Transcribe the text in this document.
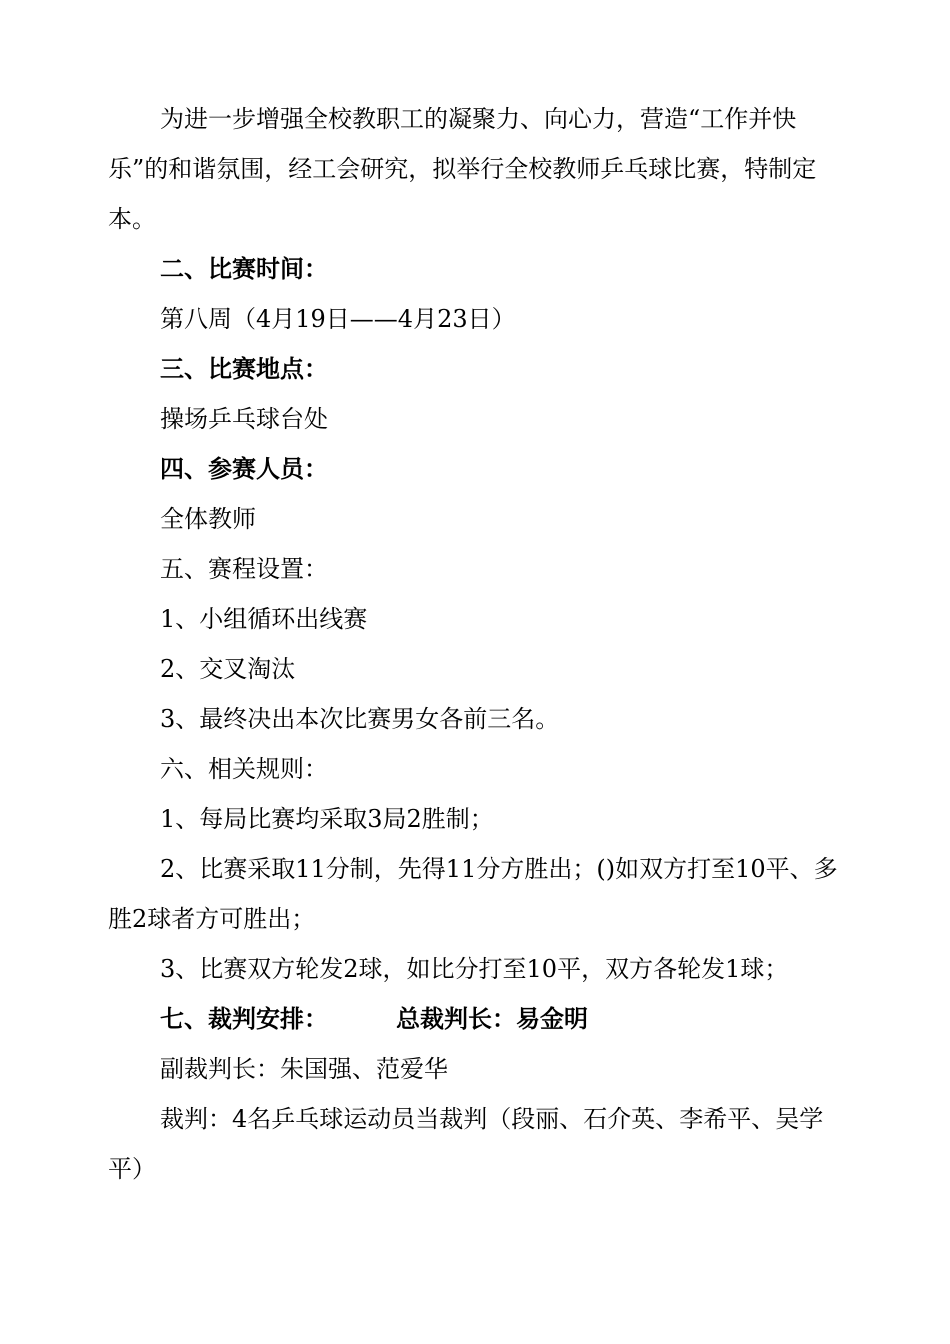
为进一步增强全校教职工的凝聚力、向心力，营造“工作并快乐”的和谐氛围，经工会研究，拟举行全校教师乒乓球比赛，特制定本。

二、比赛时间：

第八周（4月19日——4月23日）

三、比赛地点：

操场乒乓球台处

四、参赛人员：

全体教师

五、赛程设置：

1、小组循环出线赛

2、交叉淘汰

3、最终决出本次比赛男女各前三名。

六、相关规则：

1、每局比赛均采取3局2胜制；

2、比赛采取11分制，先得11分方胜出；()如双方打至10平、多胜2球者方可胜出；

3、比赛双方轮发2球，如比分打至10平，双方各轮发1球；

七、裁判安排：	总裁判长：易金明

副裁判长：朱国强、范爱华

裁判：4名乒乓球运动员当裁判（段丽、石介英、李希平、吴学平）
